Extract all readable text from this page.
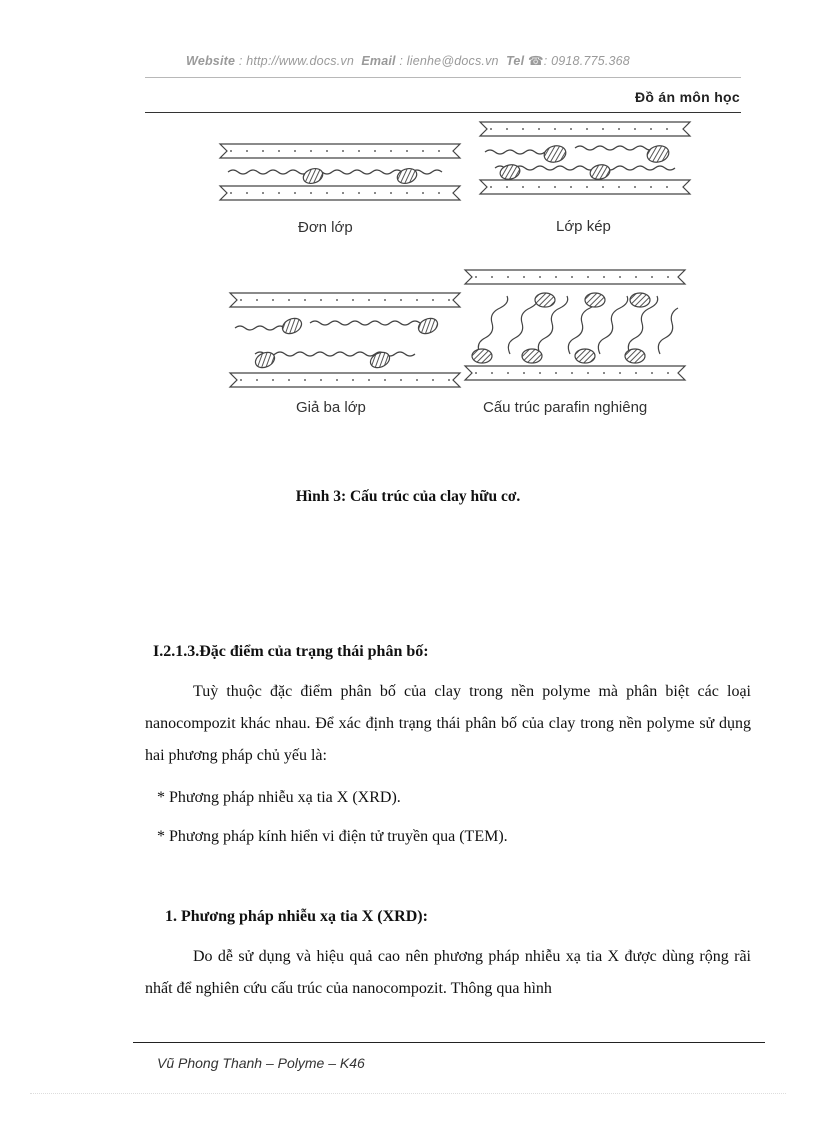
Website : http://www.docs.vn Email : lienhe@docs.vn Tel ☎: 0918.775.368
Đồ án môn học
Đơn lớp	Lớp kép
Giả ba lớp	Cấu trúc parafin nghiêng
Hình 3: Cấu trúc của clay hữu cơ.
I.2.1.3.Đặc điểm của trạng thái phân bố:
Tuỳ thuộc đặc điểm phân bố của clay trong nền polyme mà phân biệt các loại nanocompozit khác nhau. Để xác định trạng thái phân bố của clay trong nền polyme sử dụng hai phương pháp chủ yếu là:
* Phương pháp nhiễu xạ tia X (XRD).
* Phương pháp kính hiển vi điện tử truyền qua (TEM).
1. Phương pháp nhiễu xạ tia X (XRD):
Do dễ sử dụng và hiệu quả cao nên phương pháp nhiễu xạ tia X được dùng rộng rãi nhất để nghiên cứu cấu trúc của nanocompozit. Thông qua hình
Vũ Phong Thanh – Polyme – K46
